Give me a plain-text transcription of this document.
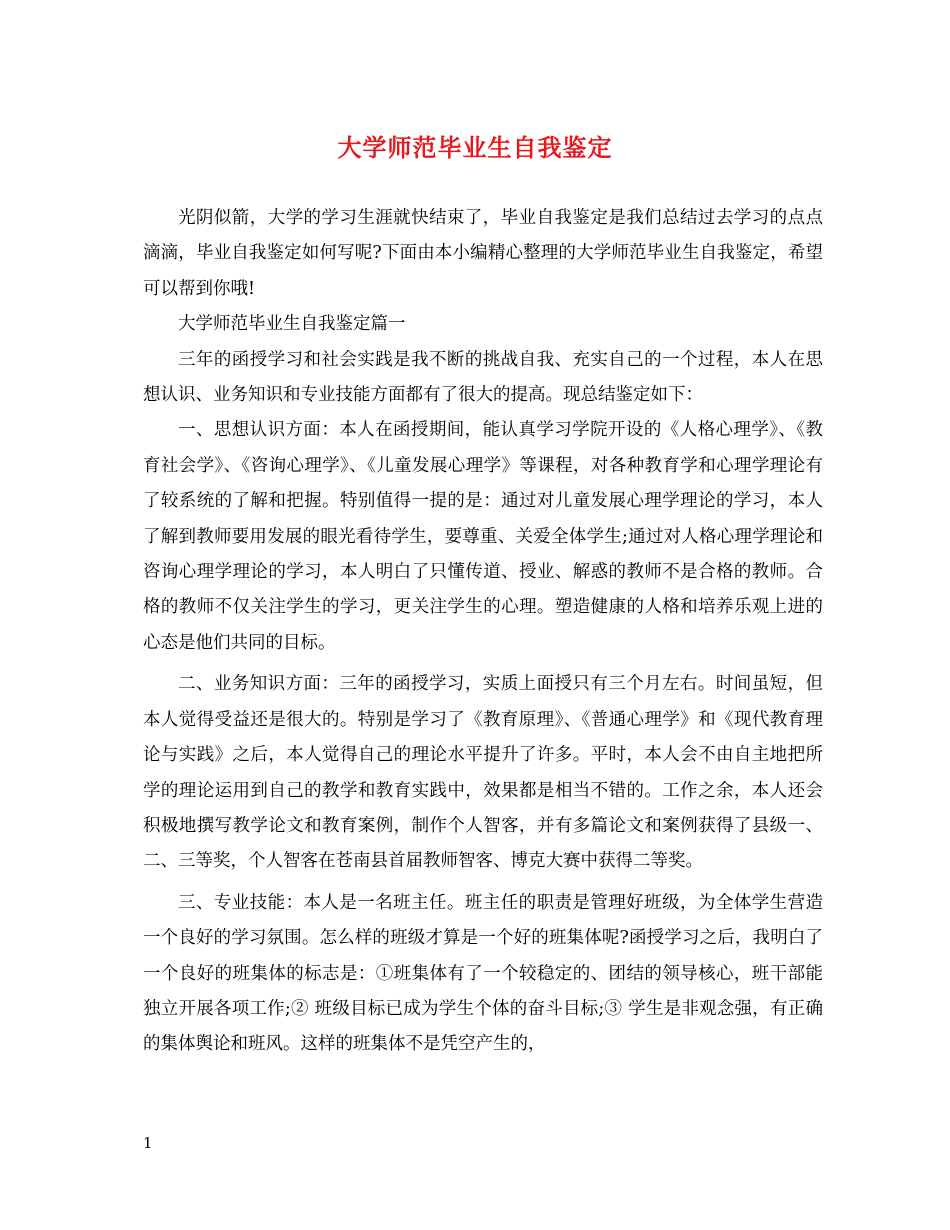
大学师范毕业生自我鉴定

光阴似箭，大学的学习生涯就快结束了，毕业自我鉴定是我们总结过去学习的点点滴滴，毕业自我鉴定如何写呢?下面由本小编精心整理的大学师范毕业生自我鉴定，希望可以帮到你哦!

大学师范毕业生自我鉴定篇一

三年的函授学习和社会实践是我不断的挑战自我、充实自己的一个过程，本人在思想认识、业务知识和专业技能方面都有了很大的提高。现总结鉴定如下：

一、思想认识方面：本人在函授期间，能认真学习学院开设的《人格心理学》、《教育社会学》、《咨询心理学》、《儿童发展心理学》等课程，对各种教育学和心理学理论有了较系统的了解和把握。特别值得一提的是：通过对儿童发展心理学理论的学习，本人了解到教师要用发展的眼光看待学生，要尊重、关爱全体学生;通过对人格心理学理论和咨询心理学理论的学习，本人明白了只懂传道、授业、解惑的教师不是合格的教师。合格的教师不仅关注学生的学习，更关注学生的心理。塑造健康的人格和培养乐观上进的心态是他们共同的目标。

二、业务知识方面：三年的函授学习，实质上面授只有三个月左右。时间虽短，但本人觉得受益还是很大的。特别是学习了《教育原理》、《普通心理学》和《现代教育理论与实践》之后，本人觉得自己的理论水平提升了许多。平时，本人会不由自主地把所学的理论运用到自己的教学和教育实践中，效果都是相当不错的。工作之余，本人还会积极地撰写教学论文和教育案例，制作个人智客，并有多篇论文和案例获得了县级一、二、三等奖，个人智客在苍南县首届教师智客、博克大赛中获得二等奖。

三、专业技能：本人是一名班主任。班主任的职责是管理好班级，为全体学生营造一个良好的学习氛围。怎么样的班级才算是一个好的班集体呢?函授学习之后，我明白了一个良好的班集体的标志是：①班集体有了一个较稳定的、团结的领导核心，班干部能独立开展各项工作;② 班级目标已成为学生个体的奋斗目标;③ 学生是非观念强，有正确的集体舆论和班风。这样的班集体不是凭空产生的，

1
